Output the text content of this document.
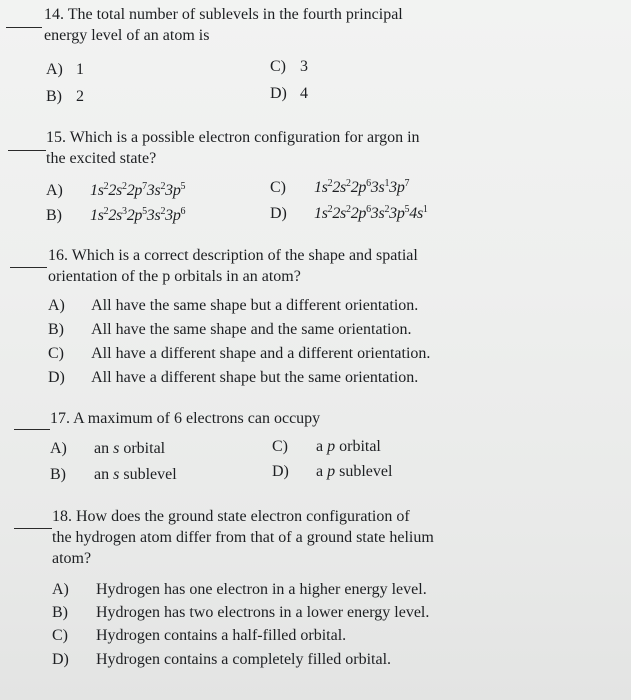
14. The total number of sublevels in the fourth principal
energy level of an atom is
A) 1
B) 2
C) 3
D) 4
15. Which is a possible electron configuration for argon in
the excited state?
A) $1s^22s^22p^73s^23p^5$
B) $1s^22s^32p^53s^23p^6$
C) $1s^22s^22p^63s^13p^7$
D) $1s^22s^22p^63s^23p^54s^1$
16. Which is a correct description of the shape and spatial
orientation of the p orbitals in an atom?
A) All have the same shape but a different orientation.
B) All have the same shape and the same orientation.
C) All have a different shape and a different orientation.
D) All have a different shape but the same orientation.
17. A maximum of 6 electrons can occupy
A) an s orbital
B) an s sublevel
C) a p orbital
D) a p sublevel
18. How does the ground state electron configuration of
the hydrogen atom differ from that of a ground state helium
atom?
A) Hydrogen has one electron in a higher energy level.
B) Hydrogen has two electrons in a lower energy level.
C) Hydrogen contains a half-filled orbital.
D) Hydrogen contains a completely filled orbital.
